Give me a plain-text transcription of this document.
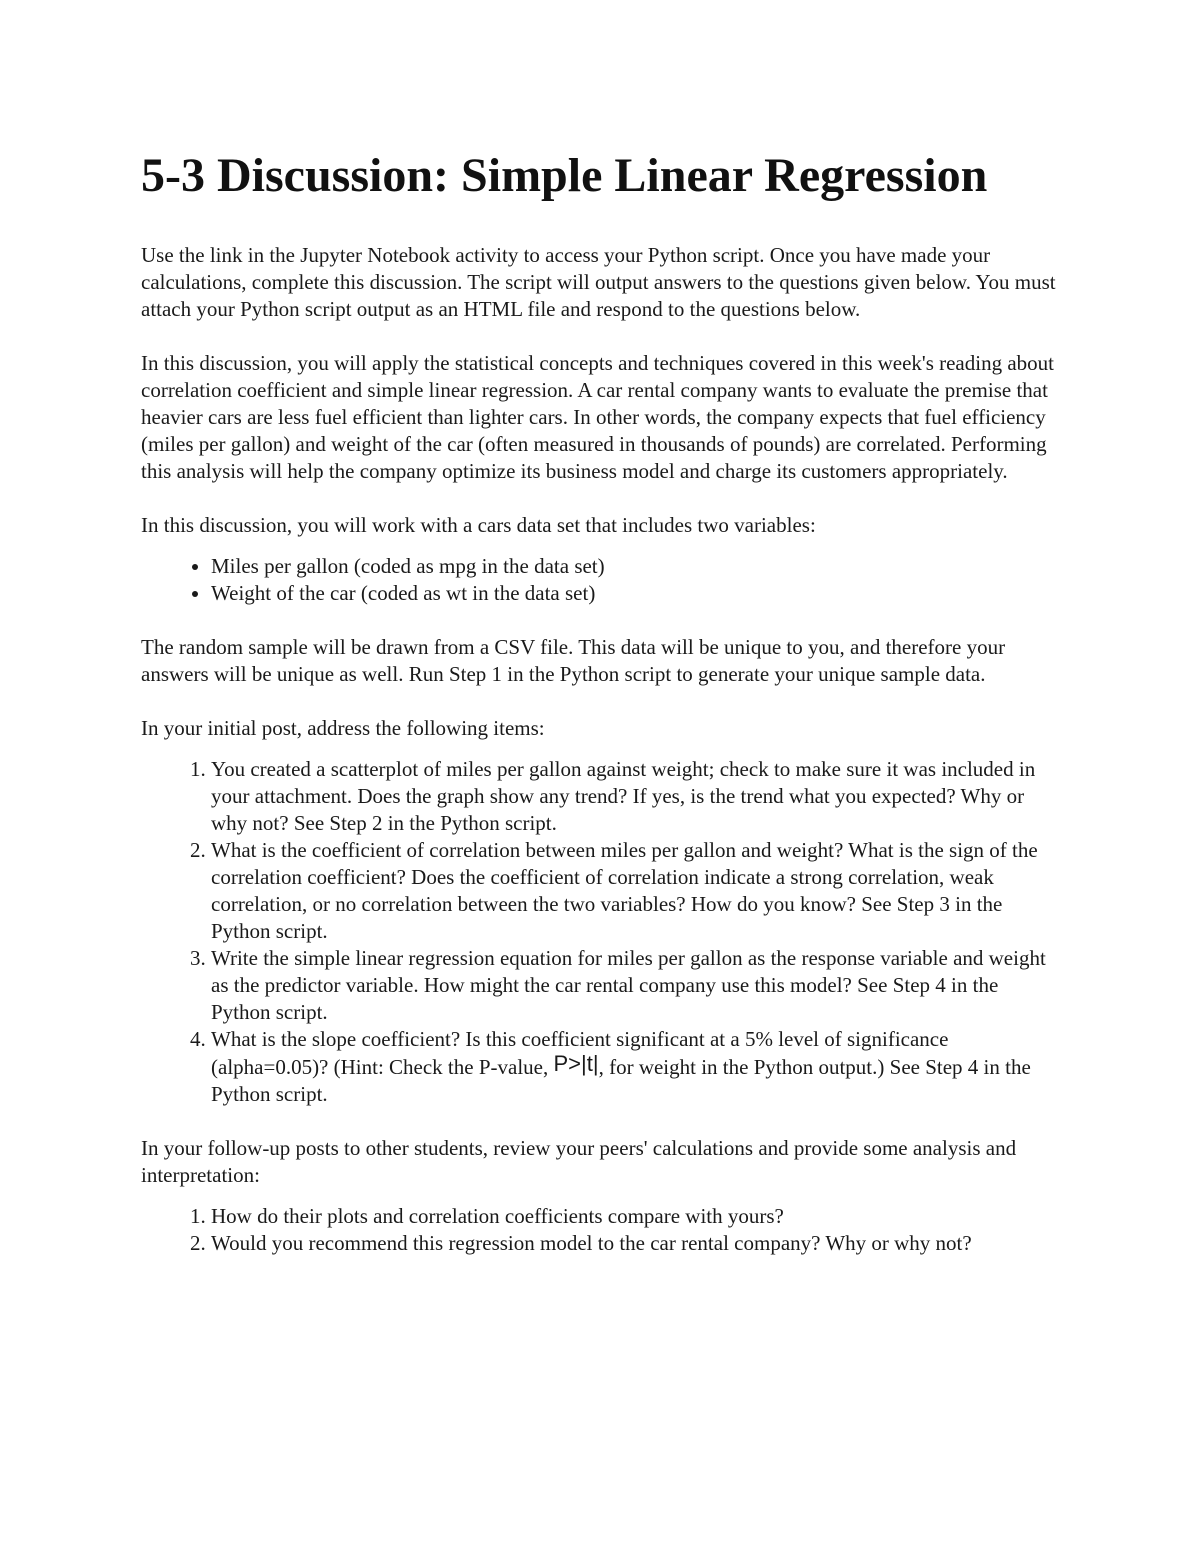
5-3 Discussion: Simple Linear Regression

Use the link in the Jupyter Notebook activity to access your Python script. Once you have made your calculations, complete this discussion. The script will output answers to the questions given below. You must attach your Python script output as an HTML file and respond to the questions below.

In this discussion, you will apply the statistical concepts and techniques covered in this week's reading about correlation coefficient and simple linear regression. A car rental company wants to evaluate the premise that heavier cars are less fuel efficient than lighter cars. In other words, the company expects that fuel efficiency (miles per gallon) and weight of the car (often measured in thousands of pounds) are correlated. Performing this analysis will help the company optimize its business model and charge its customers appropriately.

In this discussion, you will work with a cars data set that includes two variables:

• Miles per gallon (coded as mpg in the data set)
• Weight of the car (coded as wt in the data set)

The random sample will be drawn from a CSV file. This data will be unique to you, and therefore your answers will be unique as well. Run Step 1 in the Python script to generate your unique sample data.

In your initial post, address the following items:

1. You created a scatterplot of miles per gallon against weight; check to make sure it was included in your attachment. Does the graph show any trend? If yes, is the trend what you expected? Why or why not? See Step 2 in the Python script.
2. What is the coefficient of correlation between miles per gallon and weight? What is the sign of the correlation coefficient? Does the coefficient of correlation indicate a strong correlation, weak correlation, or no correlation between the two variables? How do you know? See Step 3 in the Python script.
3. Write the simple linear regression equation for miles per gallon as the response variable and weight as the predictor variable. How might the car rental company use this model? See Step 4 in the Python script.
4. What is the slope coefficient? Is this coefficient significant at a 5% level of significance (alpha=0.05)? (Hint: Check the P-value, P>|t|, for weight in the Python output.) See Step 4 in the Python script.

In your follow-up posts to other students, review your peers' calculations and provide some analysis and interpretation:

1. How do their plots and correlation coefficients compare with yours?
2. Would you recommend this regression model to the car rental company? Why or why not?
